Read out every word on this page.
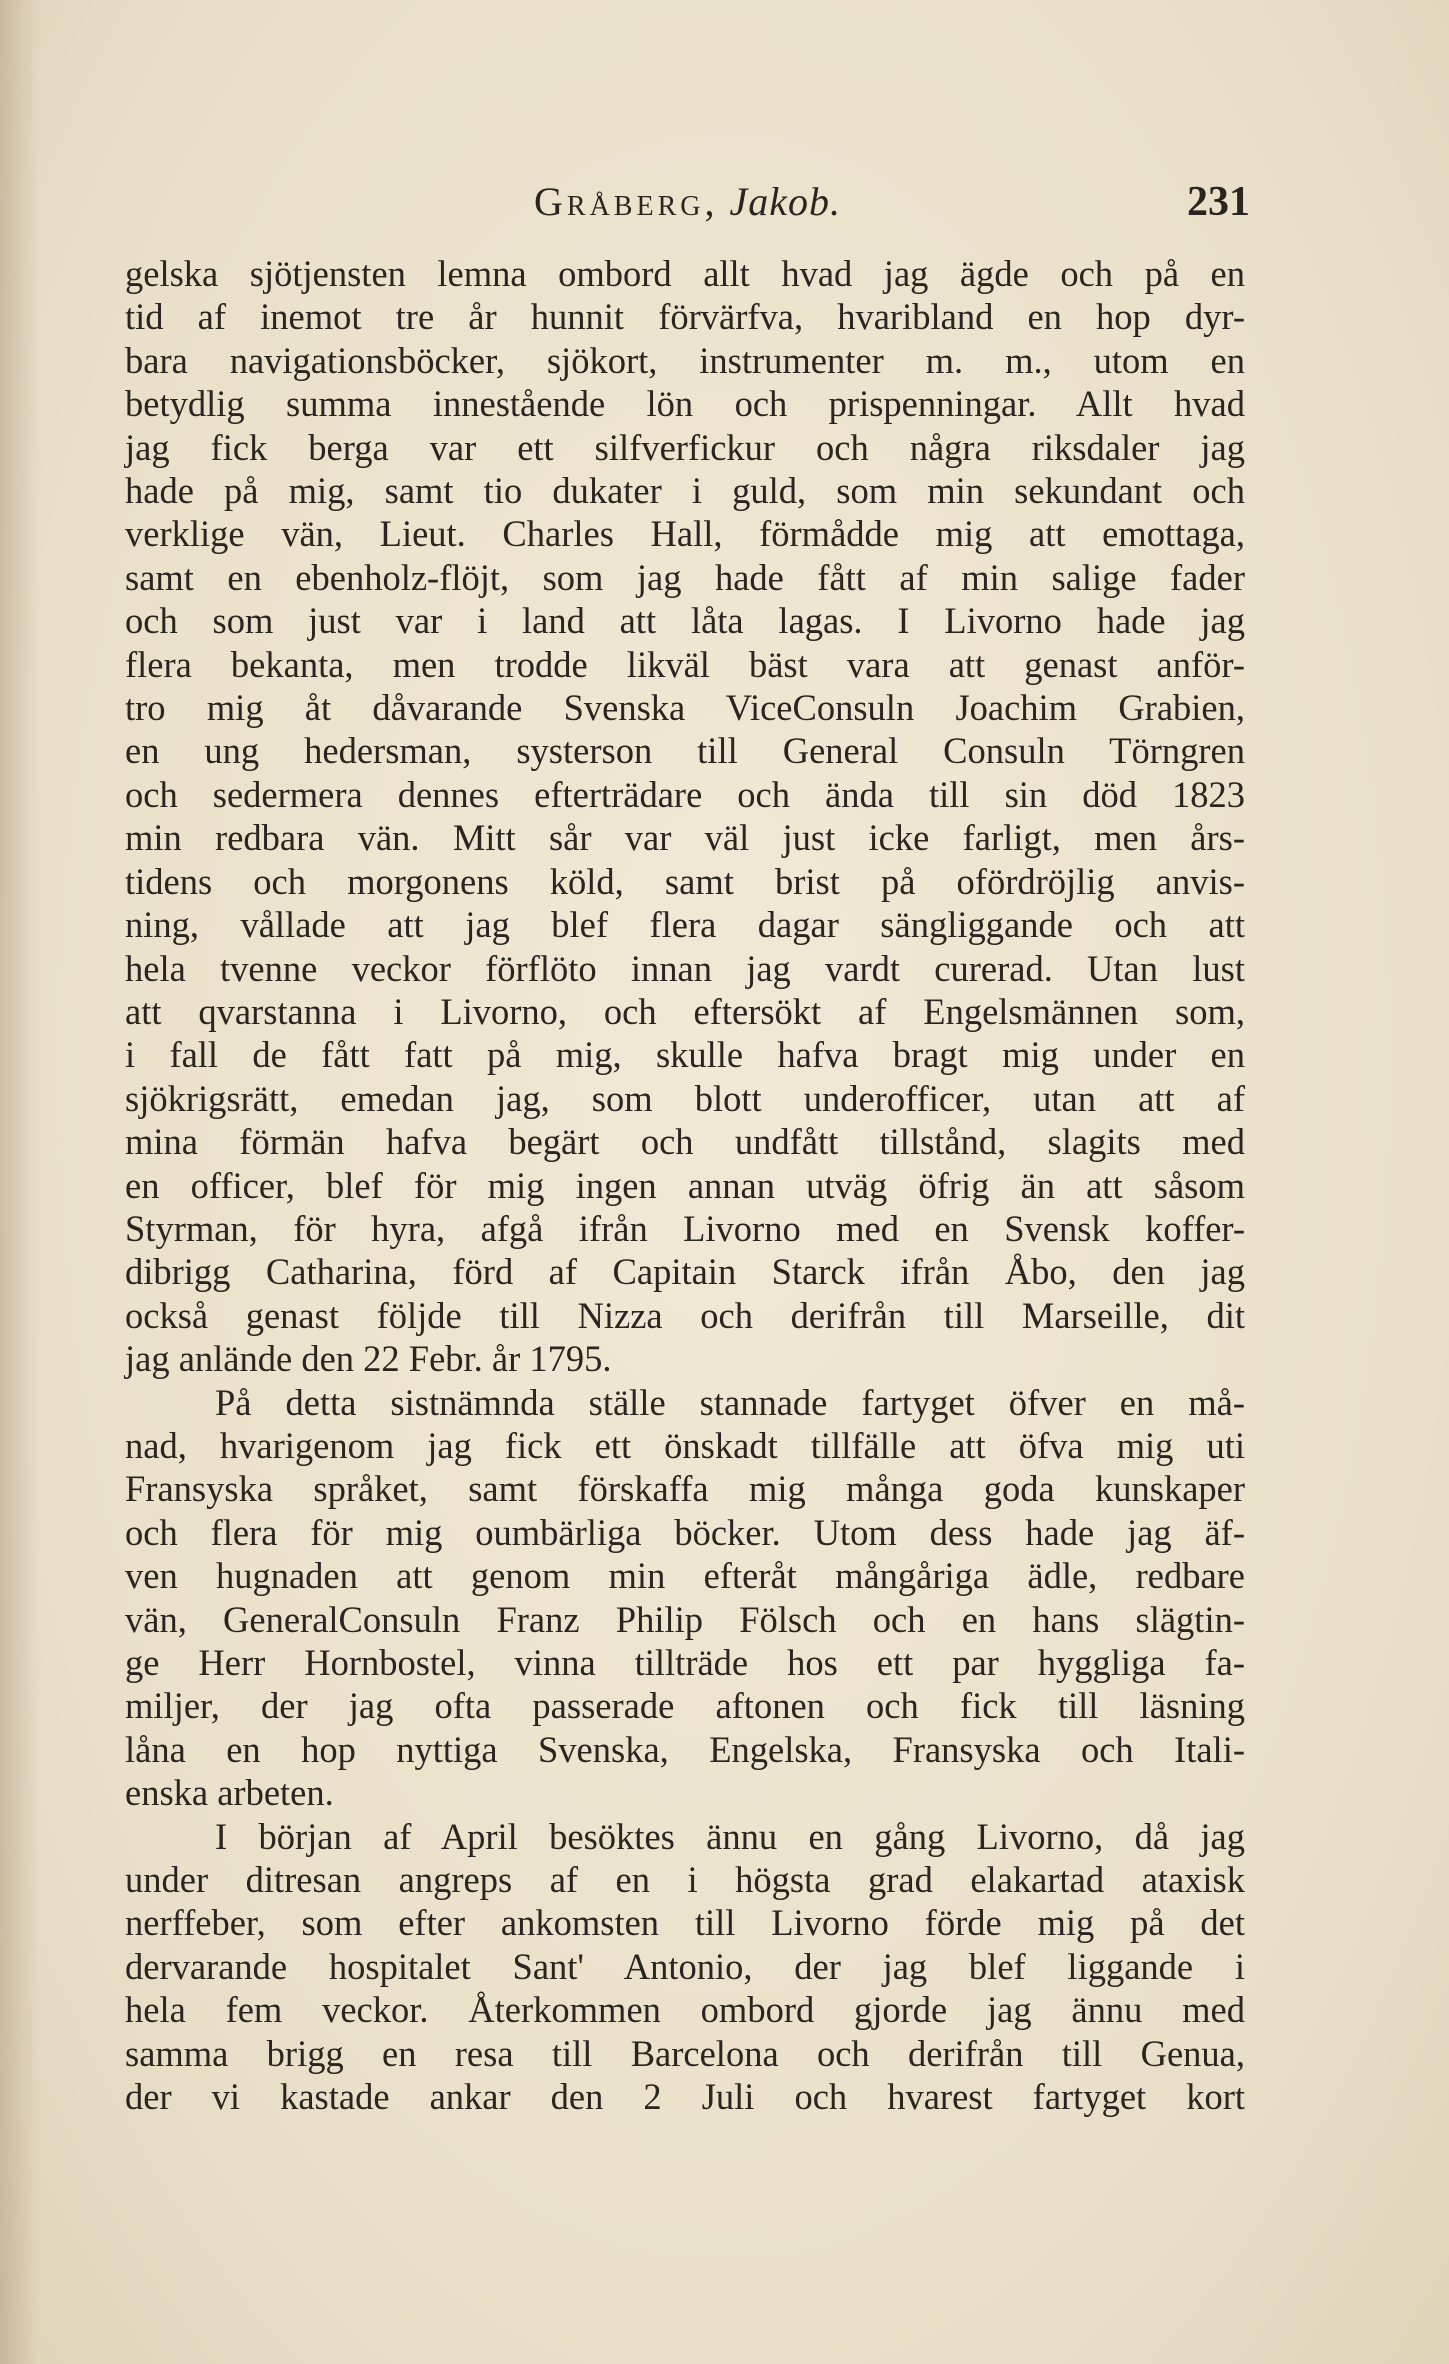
Gråberg, Jakob.	231
gelska sjötjensten lemna ombord allt hvad jag ägde och på en
tid af inemot tre år hunnit förvärfva, hvaribland en hop dyr-
bara navigationsböcker, sjökort, instrumenter m. m., utom en
betydlig summa innestående lön och prispenningar. Allt hvad
jag fick berga var ett silfverfickur och några riksdaler jag
hade på mig, samt tio dukater i guld, som min sekundant och
verklige vän, Lieut. Charles Hall, förmådde mig att emottaga,
samt en ebenholz-flöjt, som jag hade fått af min salige fader
och som just var i land att låta lagas. I Livorno hade jag
flera bekanta, men trodde likväl bäst vara att genast anför-
tro mig åt dåvarande Svenska ViceConsuln Joachim Grabien,
en ung hedersman, systerson till General Consuln Törngren
och sedermera dennes efterträdare och ända till sin död 1823
min redbara vän. Mitt sår var väl just icke farligt, men års-
tidens och morgonens köld, samt brist på ofördröjlig anvis-
ning, vållade att jag blef flera dagar sängliggande och att
hela tvenne veckor förflöto innan jag vardt curerad. Utan lust
att qvarstanna i Livorno, och eftersökt af Engelsmännen som,
i fall de fått fatt på mig, skulle hafva bragt mig under en
sjökrigsrätt, emedan jag, som blott underofficer, utan att af
mina förmän hafva begärt och undfått tillstånd, slagits med
en officer, blef för mig ingen annan utväg öfrig än att såsom
Styrman, för hyra, afgå ifrån Livorno med en Svensk koffer-
dibrigg Catharina, förd af Capitain Starck ifrån Åbo, den jag
också genast följde till Nizza och derifrån till Marseille, dit
jag anlände den 22 Febr. år 1795.
På detta sistnämnda ställe stannade fartyget öfver en må-
nad, hvarigenom jag fick ett önskadt tillfälle att öfva mig uti
Fransyska språket, samt förskaffa mig många goda kunskaper
och flera för mig oumbärliga böcker. Utom dess hade jag äf-
ven hugnaden att genom min efteråt mångåriga ädle, redbare
vän, GeneralConsuln Franz Philip Fölsch och en hans slägtin-
ge Herr Hornbostel, vinna tillträde hos ett par hyggliga fa-
miljer, der jag ofta passerade aftonen och fick till läsning
låna en hop nyttiga Svenska, Engelska, Fransyska och Itali-
enska arbeten.
I början af April besöktes ännu en gång Livorno, då jag
under ditresan angreps af en i högsta grad elakartad ataxisk
nerffeber, som efter ankomsten till Livorno förde mig på det
dervarande hospitalet Sant' Antonio, der jag blef liggande i
hela fem veckor. Återkommen ombord gjorde jag ännu med
samma brigg en resa till Barcelona och derifrån till Genua,
der vi kastade ankar den 2 Juli och hvarest fartyget kort
